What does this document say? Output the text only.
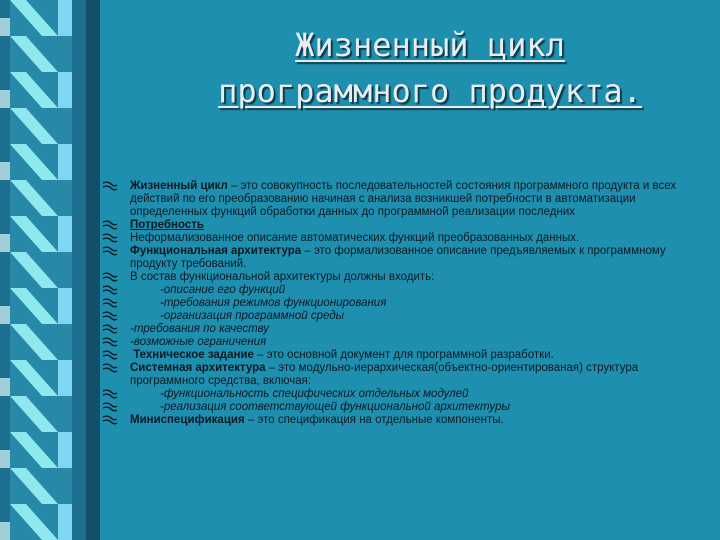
Жизненный цикл
программного продукта.
Жизненный цикл – это совокупность последовательностей состояния программного продукта и всех действий по его преобразованию начиная с анализа возникшей потребности в автоматизации определенных функций обработки данных до программной реализации последних
Потребность
Неформализованное описание автоматических функций преобразованных данных.
Функциональная архитектура – это формализованное описание предъявляемых к программному продукту требований.
В состав функциональной архитектуры должны входить:
-описание его функций
-требования режимов функционирования
-организация программной среды
-требования по качеству
-возможные ограничения
Техническое задание – это основной документ для программной разработки.
Системная архитектура – это модульно-иерархическая(объектно-ориентированая) структура программного средства, включая:
-функциональность специфических отдельных модулей
-реализация соответствующей функциональной архитектуры
Миниспецификация – это спецификация на отдельные компоненты.
